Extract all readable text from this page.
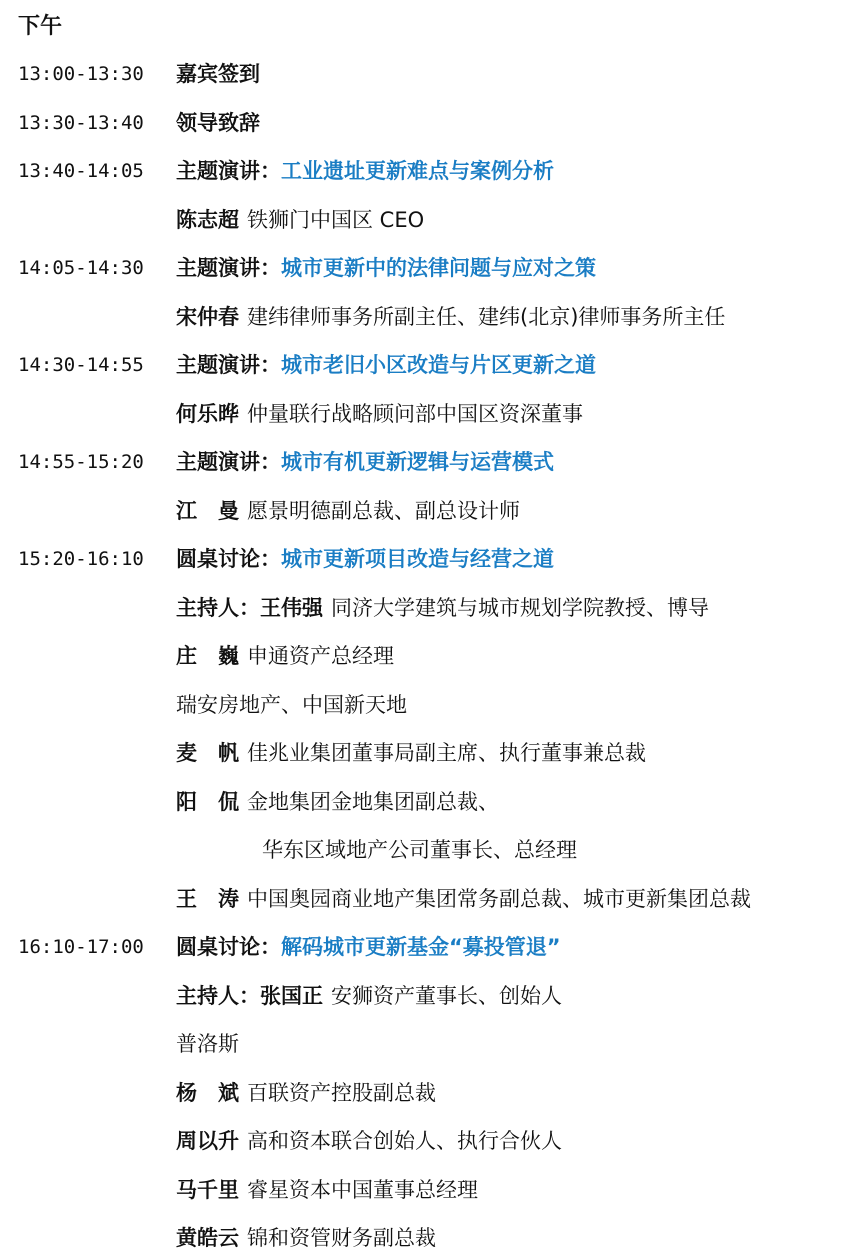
下午
13:00-13:30 嘉宾签到
13:30-13:40 领导致辞
13:40-14:05 主题演讲：工业遗址更新难点与案例分析
陈志超 铁狮门中国区 CEO
14:05-14:30 主题演讲：城市更新中的法律问题与应对之策
宋仲春 建纬律师事务所副主任、建纬(北京)律师事务所主任
14:30-14:55 主题演讲：城市老旧小区改造与片区更新之道
何乐晔 仲量联行战略顾问部中国区资深董事
14:55-15:20 主题演讲：城市有机更新逻辑与运营模式
江　曼 愿景明德副总裁、副总设计师
15:20-16:10 圆桌讨论：城市更新项目改造与经营之道
主持人：王伟强 同济大学建筑与城市规划学院教授、博导
庄　巍 申通资产总经理
瑞安房地产、中国新天地
麦　帆 佳兆业集团董事局副主席、执行董事兼总裁
阳　侃 金地集团金地集团副总裁、
华东区域地产公司董事长、总经理
王　涛 中国奥园商业地产集团常务副总裁、城市更新集团总裁
16:10-17:00 圆桌讨论：解码城市更新基金“募投管退”
主持人：张国正 安狮资产董事长、创始人
普洛斯
杨　斌 百联资产控股副总裁
周以升 高和资本联合创始人、执行合伙人
马千里 睿星资本中国董事总经理
黄皓云 锦和资管财务副总裁
